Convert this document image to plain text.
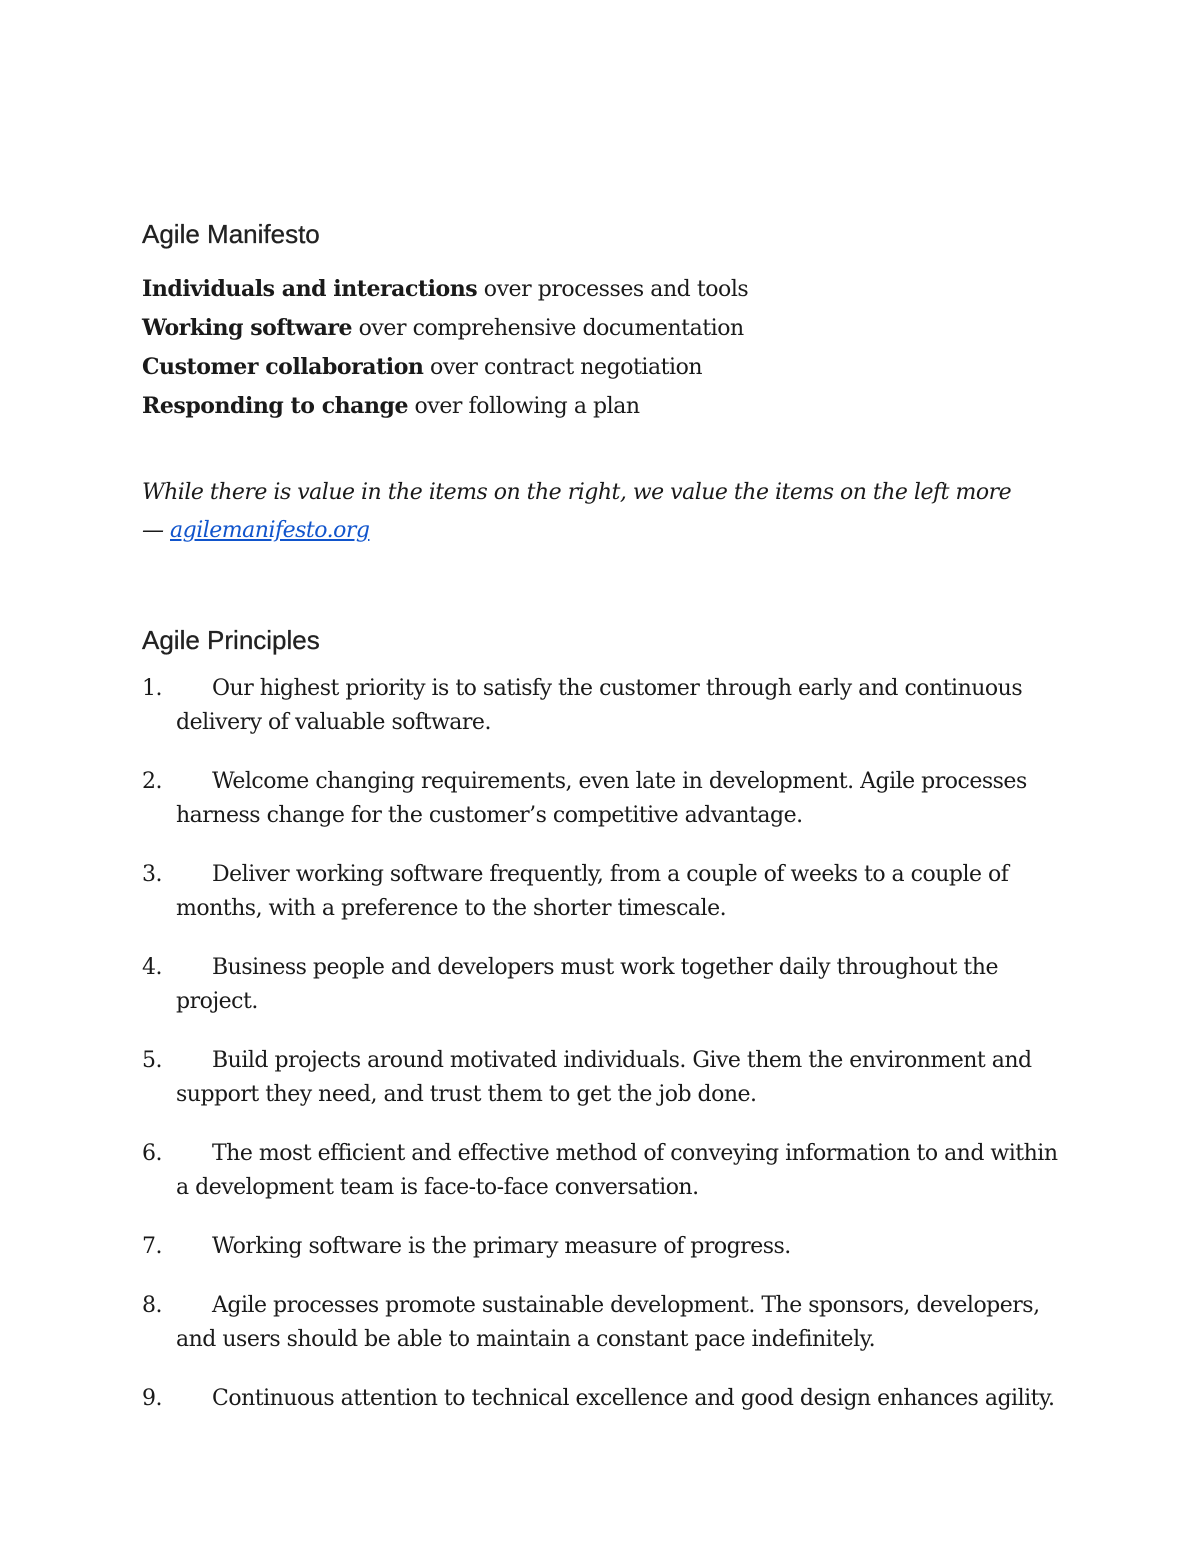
Agile Manifesto
Individuals and interactions over processes and tools
Working software over comprehensive documentation
Customer collaboration over contract negotiation
Responding to change over following a plan
While there is value in the items on the right, we value the items on the left more
— agilemanifesto.org
Agile Principles
1.	Our highest priority is to satisfy the customer through early and continuous delivery of valuable software.
2.	Welcome changing requirements, even late in development. Agile processes harness change for the customer’s competitive advantage.
3.	Deliver working software frequently, from a couple of weeks to a couple of months, with a preference to the shorter timescale.
4.	Business people and developers must work together daily throughout the project.
5.	Build projects around motivated individuals. Give them the environment and support they need, and trust them to get the job done.
6.	The most efficient and effective method of conveying information to and within a development team is face-to-face conversation.
7.	Working software is the primary measure of progress.
8.	Agile processes promote sustainable development. The sponsors, developers, and users should be able to maintain a constant pace indefinitely.
9.	Continuous attention to technical excellence and good design enhances agility.
